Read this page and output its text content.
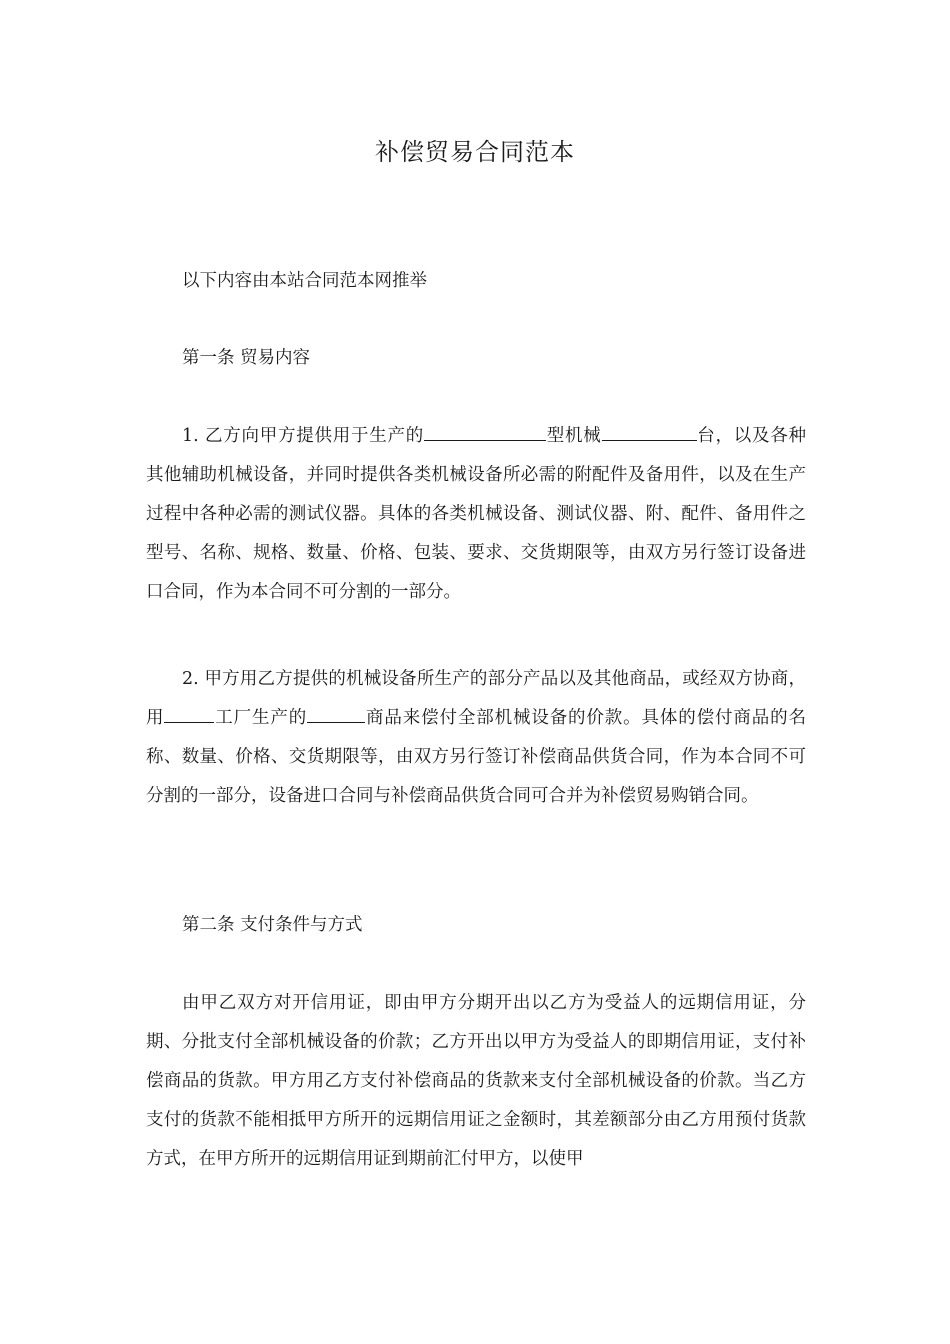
补偿贸易合同范本

以下内容由本站合同范本网推举

第一条 贸易内容

1. 乙方向甲方提供用于生产的	型机械	台，以及各种其他辅助机械设备，并同时提供各类机械设备所必需的附配件及备用件，以及在生产过程中各种必需的测试仪器。具体的各类机械设备、测试仪器、附、配件、备用件之型号、名称、规格、数量、价格、包装、要求、交货期限等，由双方另行签订设备进口合同，作为本合同不可分割的一部分。

2. 甲方用乙方提供的机械设备所生产的部分产品以及其他商品，或经双方协商，用	工厂生产的	商品来偿付全部机械设备的价款。具体的偿付商品的名称、数量、价格、交货期限等，由双方另行签订补偿商品供货合同，作为本合同不可分割的一部分，设备进口合同与补偿商品供货合同可合并为补偿贸易购销合同。

第二条 支付条件与方式

由甲乙双方对开信用证，即由甲方分期开出以乙方为受益人的远期信用证，分期、分批支付全部机械设备的价款；乙方开出以甲方为受益人的即期信用证，支付补偿商品的货款。甲方用乙方支付补偿商品的货款来支付全部机械设备的价款。当乙方支付的货款不能相抵甲方所开的远期信用证之金额时，其差额部分由乙方用预付货款方式，在甲方所开的远期信用证到期前汇付甲方，以使甲
